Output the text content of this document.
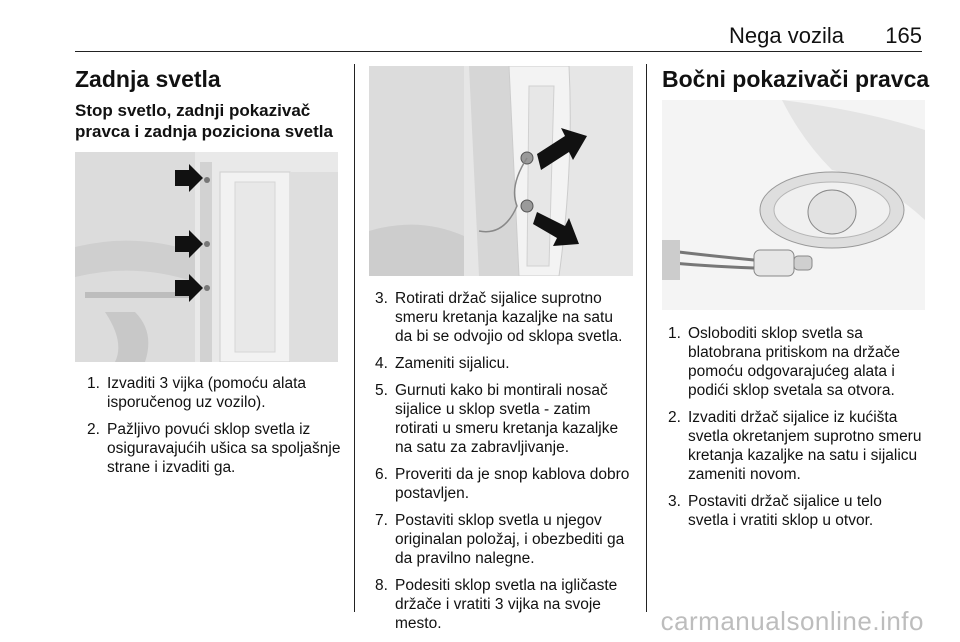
Nega vozila 165
Zadnja svetla
Stop svetlo, zadnji pokazivač
pravca i zadnja poziciona svetla
1. Izvaditi 3 vijka (pomoću alata
isporučenog uz vozilo).
2. Pažljivo povući sklop svetla iz
osiguravajućih ušica sa spoljašnje
strane i izvaditi ga.
3. Rotirati držač sijalice suprotno
smeru kretanja kazaljke na satu
da bi se odvojio od sklopa svetla.
4. Zameniti sijalicu.
5. Gurnuti kako bi montirali nosač
sijalice u sklop svetla - zatim
rotirati u smeru kretanja kazaljke
na satu za zabravljivanje.
6. Proveriti da je snop kablova dobro
postavljen.
7. Postaviti sklop svetla u njegov
originalan položaj, i obezbediti ga
da pravilno nalegne.
8. Podesiti sklop svetla na igličaste
držače i vratiti 3 vijka na svoje
mesto.
Bočni pokazivači pravca
1. Osloboditi sklop svetla sa
blatobrana pritiskom na držače
pomoću odgovarajućeg alata i
podići sklop svetala sa otvora.
2. Izvaditi držač sijalice iz kućišta
svetla okretanjem suprotno smeru
kretanja kazaljke na satu i sijalicu
zameniti novom.
3. Postaviti držač sijalice u telo
svetla i vratiti sklop u otvor.
carmanualsonline.info
